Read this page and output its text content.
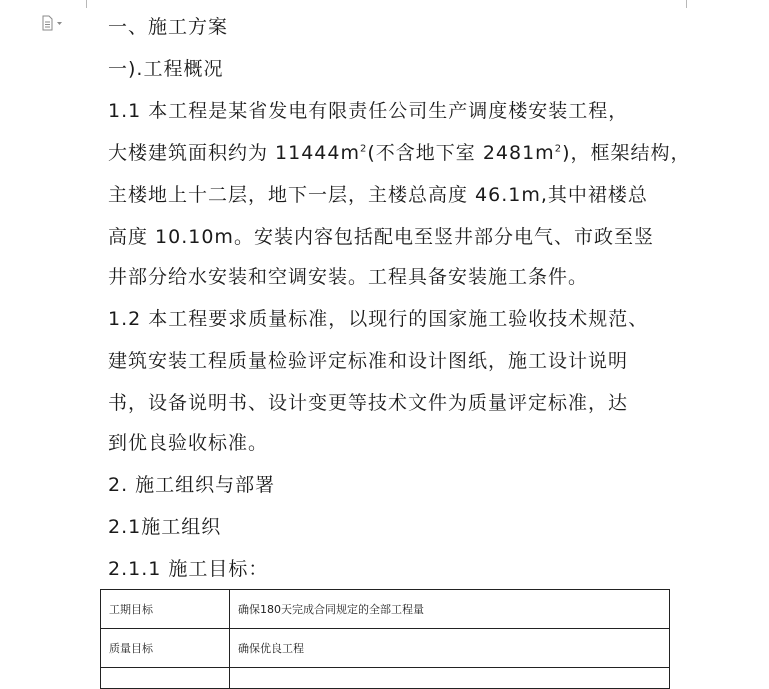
一、施工方案
一).工程概况
1.1 本工程是某省发电有限责任公司生产调度楼安装工程，
大楼建筑面积约为 $11444m^2$(不含地下室 $2481m^2$)，框架结构，
主楼地上十二层，地下一层，主楼总高度 46.1m,其中裙楼总
高度 10.10m。安装内容包括配电至竖井部分电气、市政至竖
井部分给水安装和空调安装。工程具备安装施工条件。
1.2 本工程要求质量标准，以现行的国家施工验收技术规范、
建筑安装工程质量检验评定标准和设计图纸，施工设计说明
书，设备说明书、设计变更等技术文件为质量评定标准，达
到优良验收标准。
2. 施工组织与部署
2.1施工组织
2.1.1 施工目标：
工期目标	确保180天完成合同规定的全部工程量
质量目标	确保优良工程
